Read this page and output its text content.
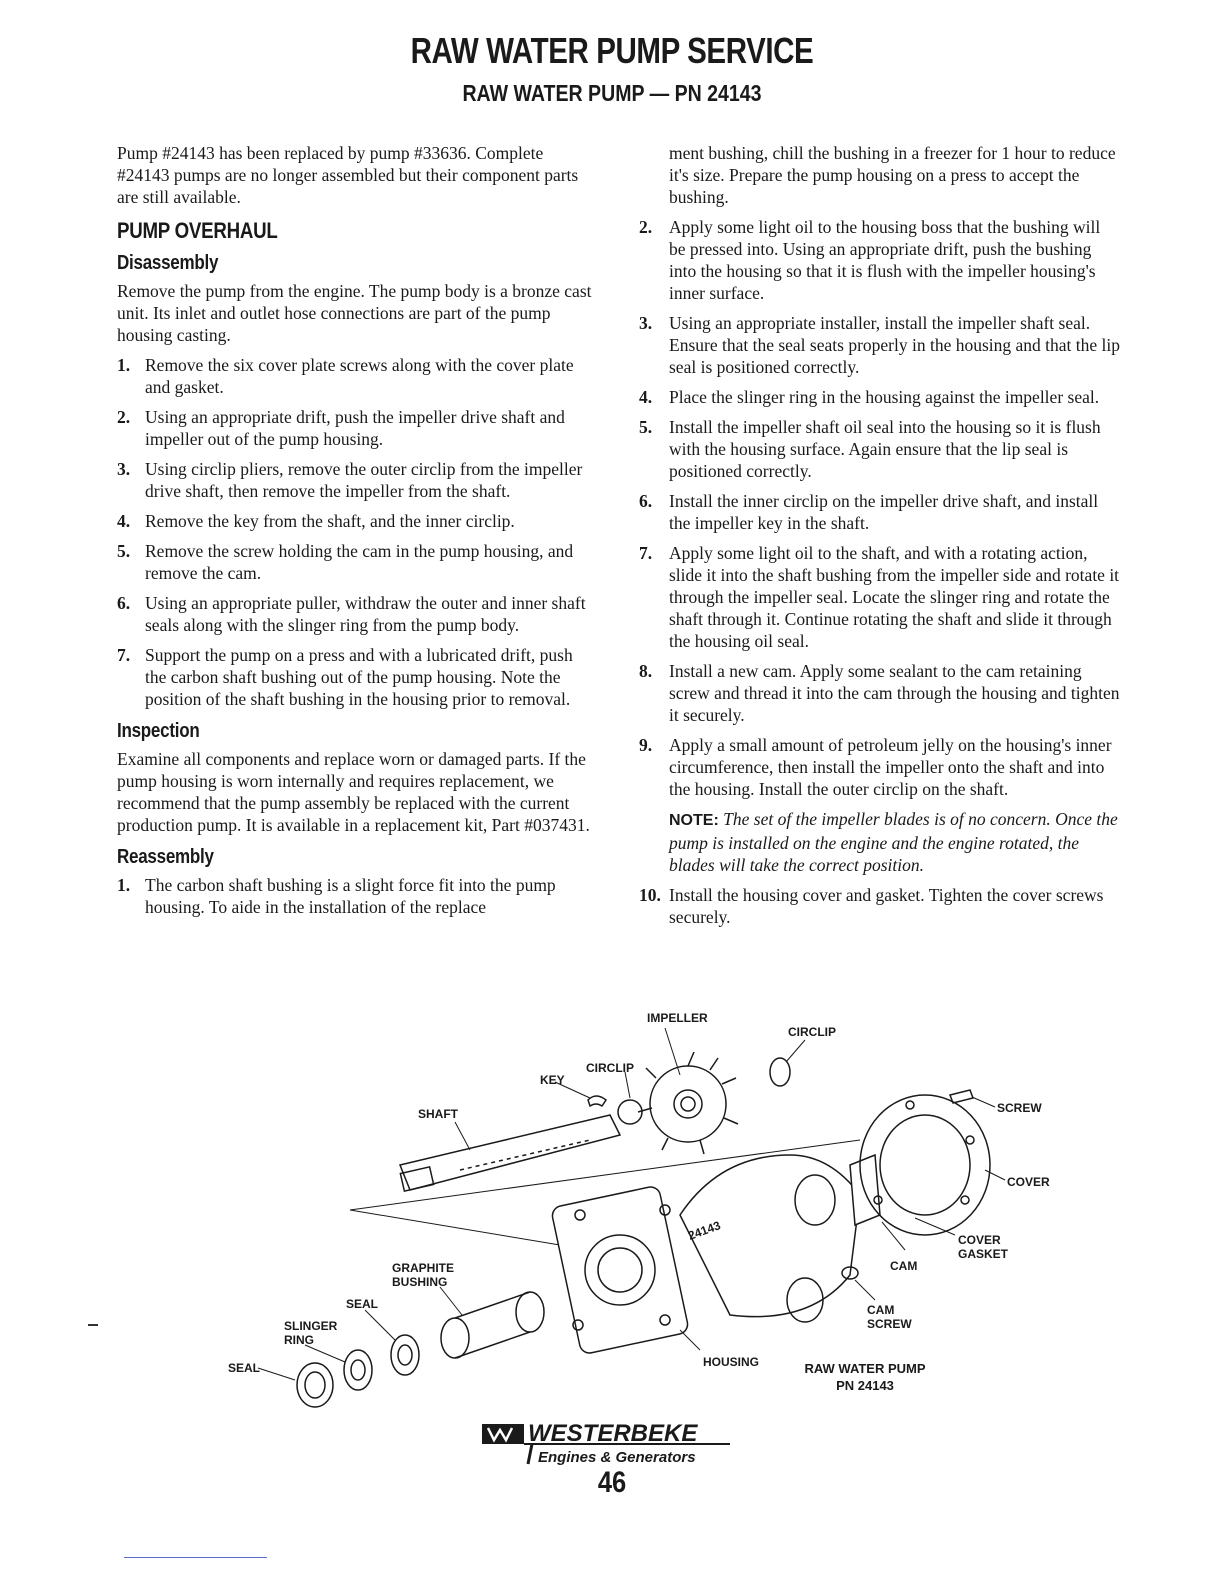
RAW WATER PUMP SERVICE
RAW WATER PUMP — PN 24143

Pump #24143 has been replaced by pump #33636. Complete #24143 pumps are no longer assembled but their component parts are still available.

PUMP OVERHAUL
Disassembly

Remove the pump from the engine. The pump body is a bronze cast unit. Its inlet and outlet hose connections are part of the pump housing casting.

1. Remove the six cover plate screws along with the cover plate and gasket.
2. Using an appropriate drift, push the impeller drive shaft and impeller out of the pump housing.
3. Using circlip pliers, remove the outer circlip from the impeller drive shaft, then remove the impeller from the shaft.
4. Remove the key from the shaft, and the inner circlip.
5. Remove the screw holding the cam in the pump housing, and remove the cam.
6. Using an appropriate puller, withdraw the outer and inner shaft seals along with the slinger ring from the pump body.
7. Support the pump on a press and with a lubricated drift, push the carbon shaft bushing out of the pump housing. Note the position of the shaft bushing in the housing prior to removal.
Inspection

Examine all components and replace worn or damaged parts. If the pump housing is worn internally and requires replacement, we recommend that the pump assembly be replaced with the current production pump. It is available in a replacement kit, Part #037431.

Reassembly
1. The carbon shaft bushing is a slight force fit into the pump housing. To aide in the installation of the replace

ment bushing, chill the bushing in a freezer for 1 hour to reduce it's size. Prepare the pump housing on a press to accept the bushing.

2. Apply some light oil to the housing boss that the bushing will be pressed into. Using an appropriate drift, push the bushing into the housing so that it is flush with the impeller housing's inner surface.
3. Using an appropriate installer, install the impeller shaft seal. Ensure that the seal seats properly in the housing and that the lip seal is positioned correctly.
4. Place the slinger ring in the housing against the impeller seal.
5. Install the impeller shaft oil seal into the housing so it is flush with the housing surface. Again ensure that the lip seal is positioned correctly.
6. Install the inner circlip on the impeller drive shaft, and install the impeller key in the shaft.
7. Apply some light oil to the shaft, and with a rotating action, slide it into the shaft bushing from the impeller side and rotate it through the impeller seal. Locate the slinger ring and rotate the shaft through it. Continue rotating the shaft and slide it through the housing oil seal.
8. Install a new cam. Apply some sealant to the cam retaining screw and thread it into the cam through the housing and tighten it securely.
9. Apply a small amount of petroleum jelly on the housing's inner circumference, then install the impeller onto the shaft and into the housing. Install the outer circlip on the shaft.

NOTE: The set of the impeller blades is of no concern. Once the pump is installed on the engine and the engine rotated, the blades will take the correct position.

10. Install the housing cover and gasket. Tighten the cover screws securely.
24143
IMPELLER
CIRCLIP
CIRCLIP
KEY
SHAFT	SCREW
COVER
COVER
GASKET
CAM
CAM
SCREW
GRAPHITE
BUSHING
SEAL
SLINGER
RING
SEAL	HOUSING	RAW WATER PUMP
PN 24143
WESTERBEKE
Engines & Generators
46
